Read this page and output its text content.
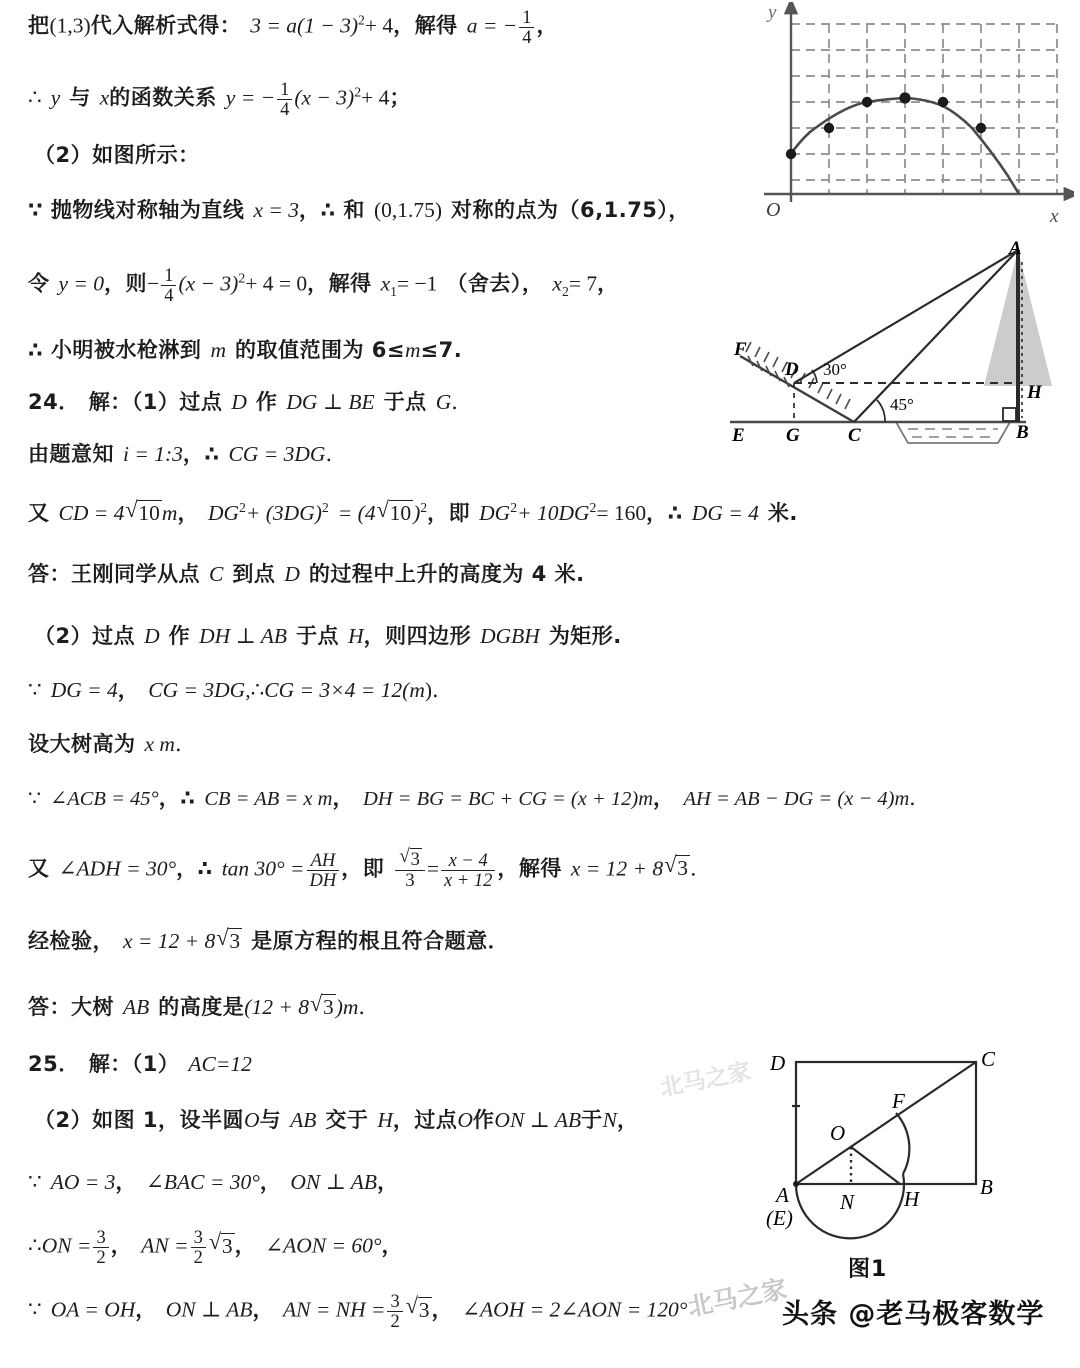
把(1,3)代入解析式得： $3 = a(1 - 3)^2+ 4$，解得 a = − $\frac{1}{4}$ ，
∴ y 与 x的函数关系 y = − $\frac{1}{4} (x - 3)^2+ 4$；
（2）如图所示：
∵ 抛物线对称轴为直线 x = 3，∴ 和 (0,1.75) 对称的点为（6,1.75），
令 y = 0，则− $\frac{1}{4} (x - 3)^2+ 4 = 0$，解得 $x_1= -1$ （舍去）， $x_2= 7$，
∴ 小明被水枪淋到 m 的取值范围为 6≤m≤7.
24． 解：（1）过点 D 作 DG ⊥ BE 于点 G．
由题意知 i = 1:3，∴ CG = 3DG．
又 CD = 4 √ 10m， $DG^2+ (3DG)^2 = (4$ √ 10)$^2$，即 $DG^2+ 10DG^2= 160$，∴ DG = 4 米.
答：王刚同学从点 C 到点 D 的过程中上升的高度为 4 米.
（2）过点 D 作 DH ⊥ AB 于点 H，则四边形 DGBH 为矩形.
∵ DG = 4， CG = 3DG,∴CG = 3×4 = 12(m)．
设大树高为 x m．
∵ ∠ACB = 45°，∴ CB = AB = x m， DH = BG = BC + CG = (x + 12)m， AH = AB − DG = (x − 4)m．
又 ∠ADH = 30°，∴ $\tan 30^\circ = \frac{AH}{DH}$ ，即 √ $\frac{3}{3} = \frac{x - 4}{x + 12}$ ，解得 x = 12 + 8 √ 3．
经检验， x = 12 + 8 √ 3 是原方程的根且符合题意．
答：大树 AB 的高度是(12 + 8 √ 3)m．
25． 解：（1） AC=12
（2）如图 1，设半圆O与 AB 交于 H，过点O作ON ⊥ AB于N，
∵ AO = 3， ∠BAC = 30°， ON ⊥ AB，
∴ON = $\frac{3}{2}$ ， AN = $\frac{3}{2}$ √ 3， ∠AON = 60°，
∵ OA = OH， ON ⊥ AB， AN = NH = $\frac{3}{2}$ √ 3， ∠AOH = 2∠AON = 120°
y
x
O
30°
45°
A
B
C
D
E
F
G
H
D	C
F
O
B
H
N
A
(E)
图1
北马之家
北马之家
头条 @老马极客数学
